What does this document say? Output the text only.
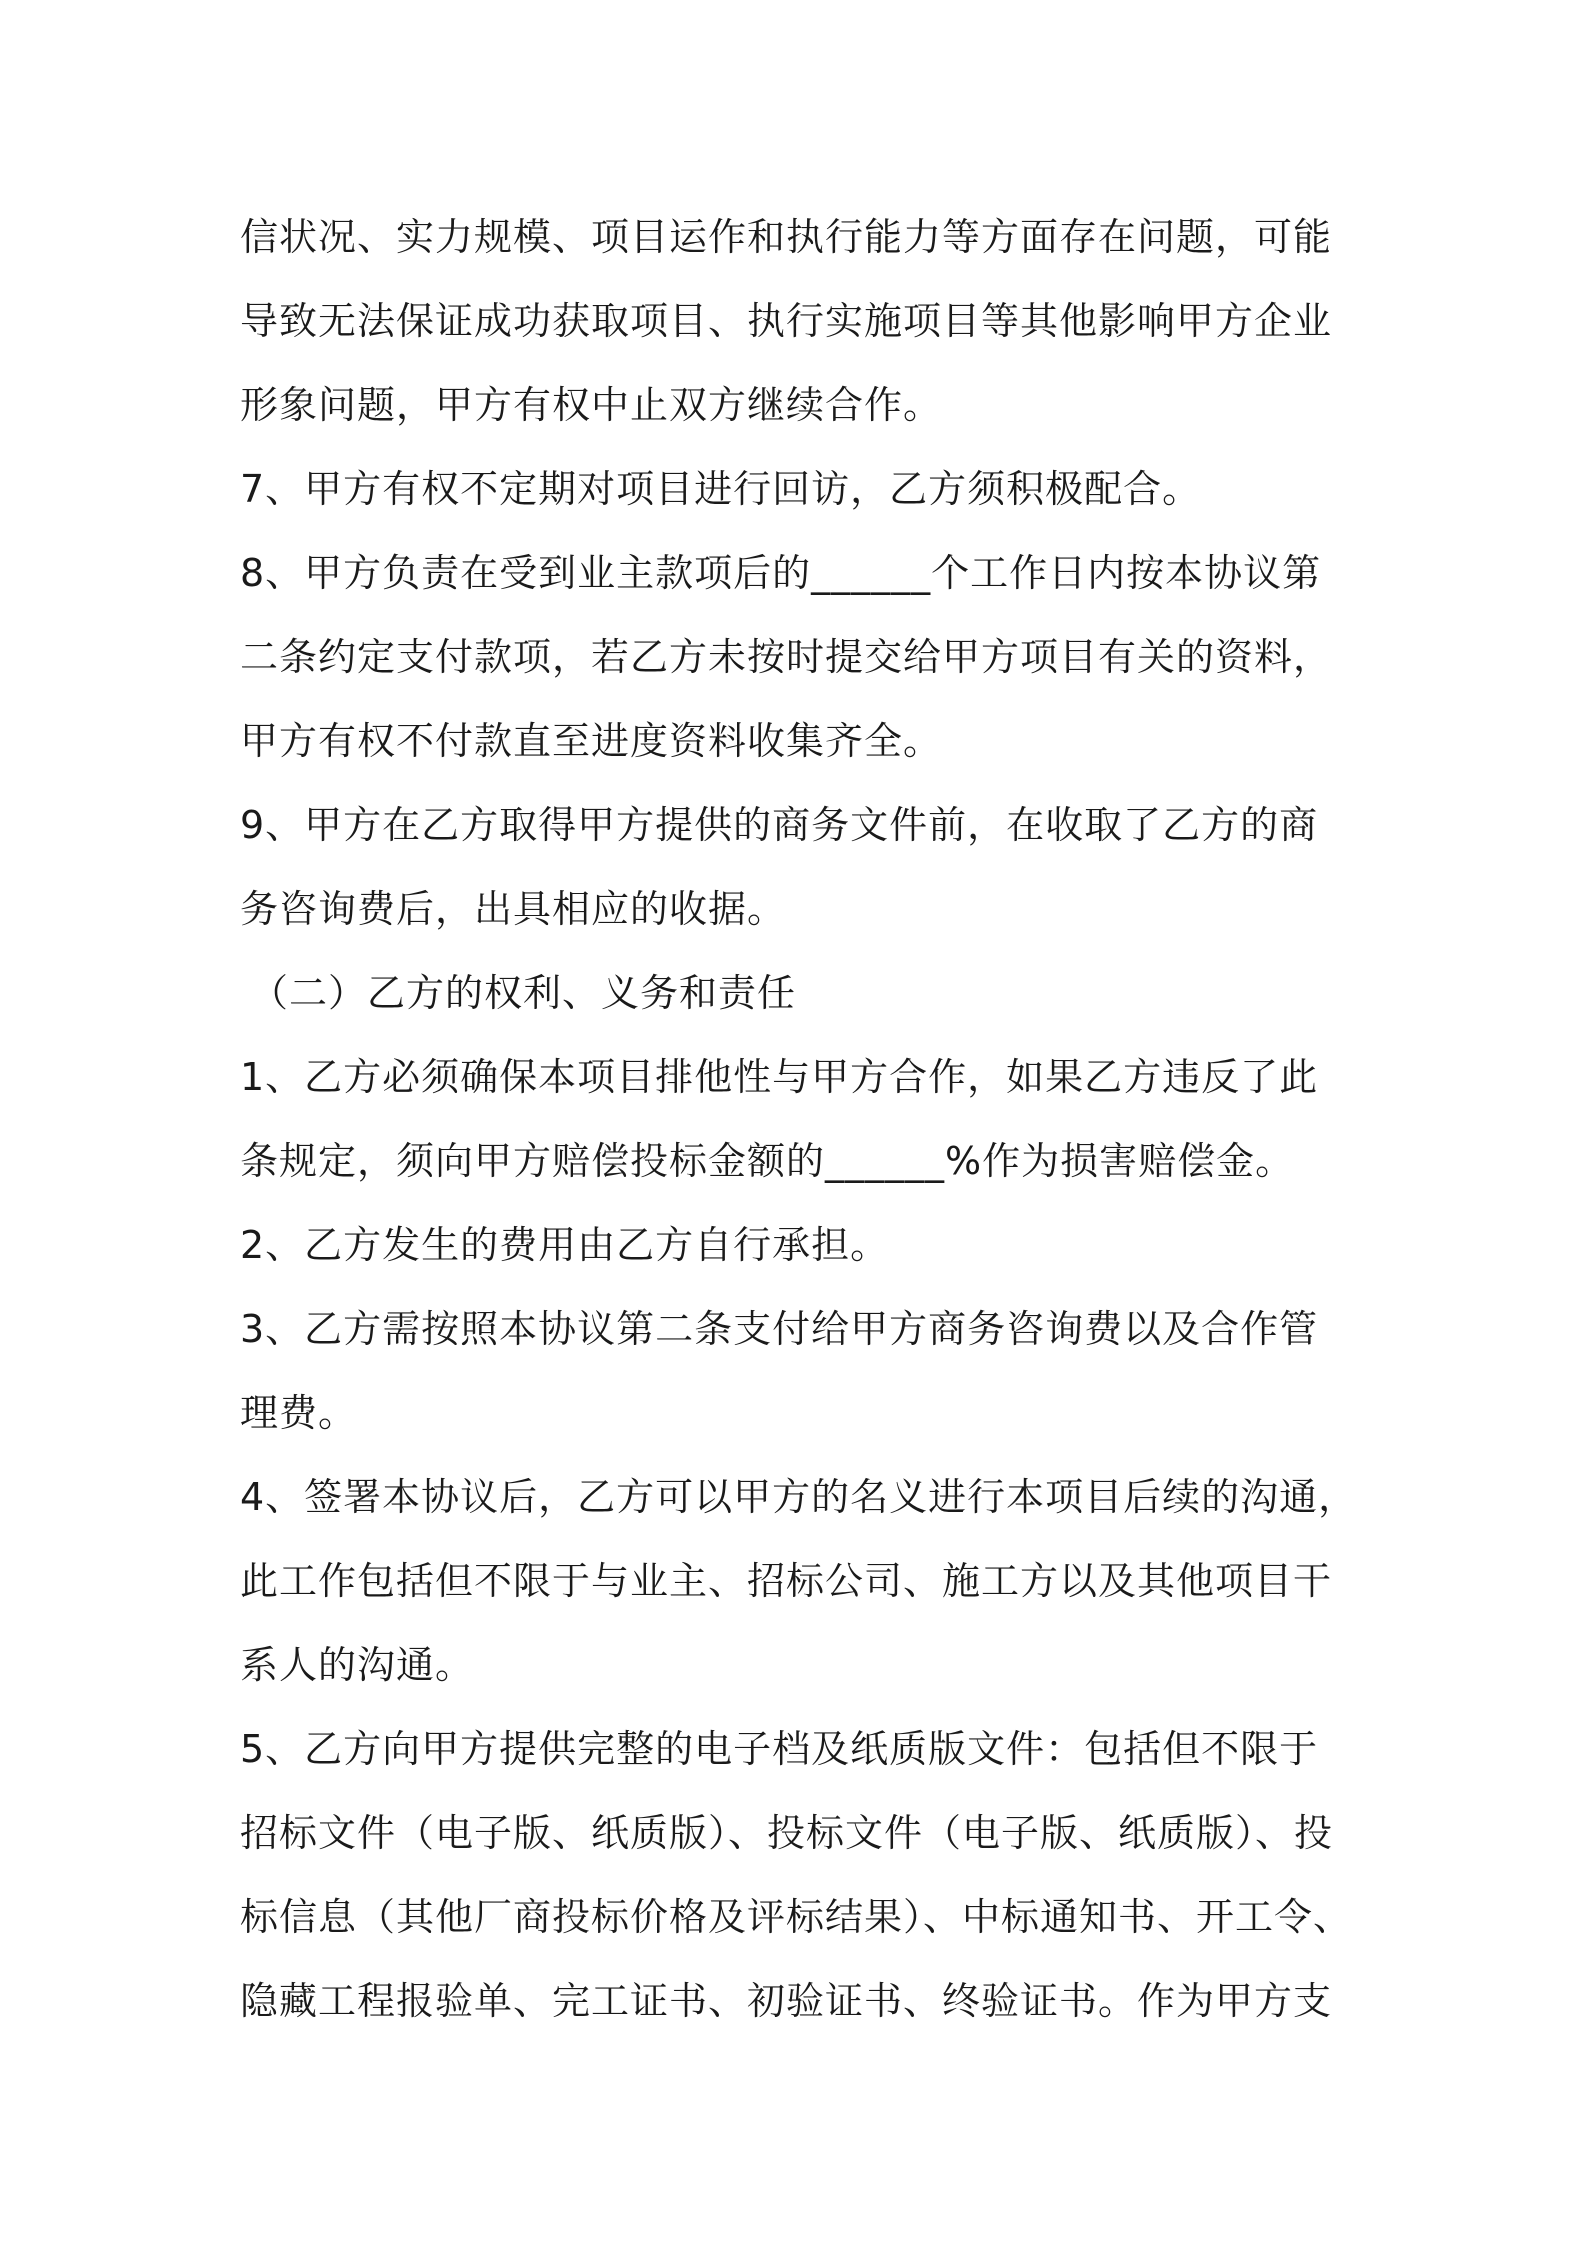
信状况、实力规模、项目运作和执行能力等方面存在问题，可能
导致无法保证成功获取项目、执行实施项目等其他影响甲方企业
形象问题，甲方有权中止双方继续合作。
7、甲方有权不定期对项目进行回访，乙方须积极配合。
8、甲方负责在受到业主款项后的______个工作日内按本协议第
二条约定支付款项，若乙方未按时提交给甲方项目有关的资料，
甲方有权不付款直至进度资料收集齐全。
9、甲方在乙方取得甲方提供的商务文件前，在收取了乙方的商
务咨询费后，出具相应的收据。
（二）乙方的权利、义务和责任
1、乙方必须确保本项目排他性与甲方合作，如果乙方违反了此
条规定，须向甲方赔偿投标金额的______%作为损害赔偿金。
2、乙方发生的费用由乙方自行承担。
3、乙方需按照本协议第二条支付给甲方商务咨询费以及合作管
理费。
4、签署本协议后，乙方可以甲方的名义进行本项目后续的沟通，
此工作包括但不限于与业主、招标公司、施工方以及其他项目干
系人的沟通。
5、乙方向甲方提供完整的电子档及纸质版文件：包括但不限于
招标文件（电子版、纸质版）、投标文件（电子版、纸质版）、投
标信息（其他厂商投标价格及评标结果）、中标通知书、开工令、
隐藏工程报验单、完工证书、初验证书、终验证书。作为甲方支
